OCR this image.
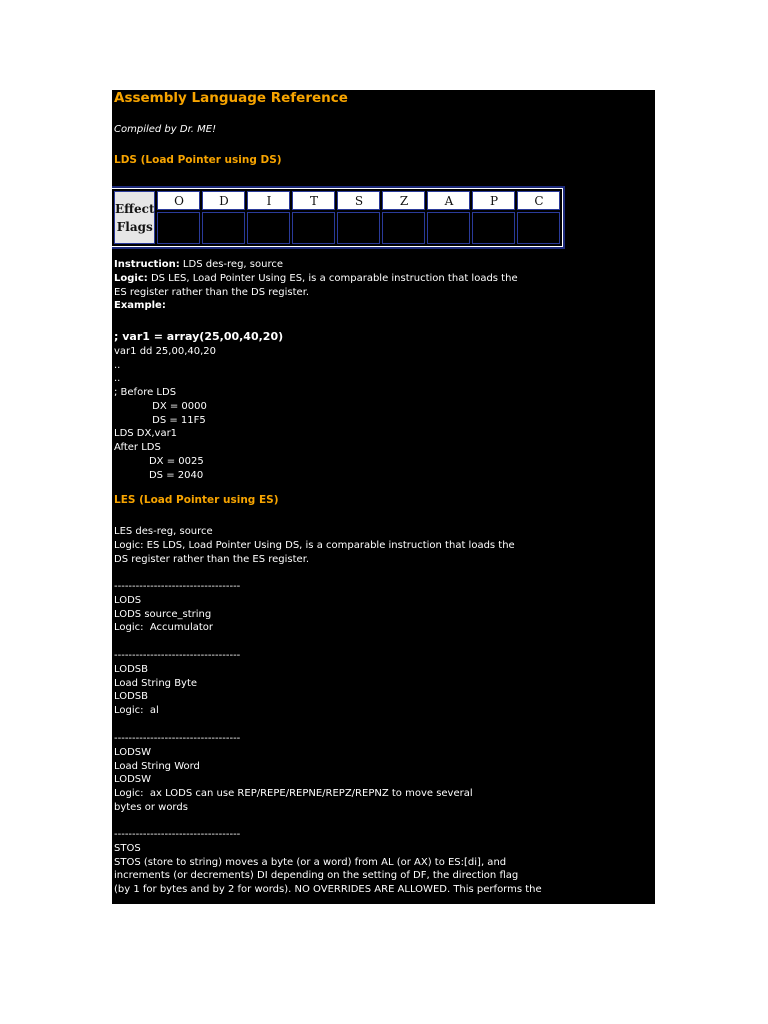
Assembly Language Reference
Compiled by Dr. ME!
LDS (Load Pointer using DS)
Effect
Flags	O	D	I	T	S	Z	A	P	C

Instruction: LDS des-reg, source
Logic: DS LES, Load Pointer Using ES, is a comparable instruction that loads the
ES register rather than the DS register.
Example:
; var1 = array(25,00,40,20)
var1 dd 25,00,40,20
..
..
; Before LDS
DX = 0000
DS = 11F5
LDS DX,var1
After LDS
DX = 0025
DS = 2040
LES (Load Pointer using ES)
LES des-reg, source
Logic: ES LDS, Load Pointer Using DS, is a comparable instruction that loads the
DS register rather than the ES register.
-----------------------------------
LODS
LODS source_string
Logic:  Accumulator
-----------------------------------
LODSB
Load String Byte
LODSB
Logic:  al
-----------------------------------
LODSW
Load String Word
LODSW
Logic:  ax LODS can use REP/REPE/REPNE/REPZ/REPNZ to move several
bytes or words
-----------------------------------
STOS
STOS (store to string) moves a byte (or a word) from AL (or AX) to ES:[di], and
increments (or decrements) DI depending on the setting of DF, the direction flag
(by 1 for bytes and by 2 for words). NO OVERRIDES ARE ALLOWED. This performs the
